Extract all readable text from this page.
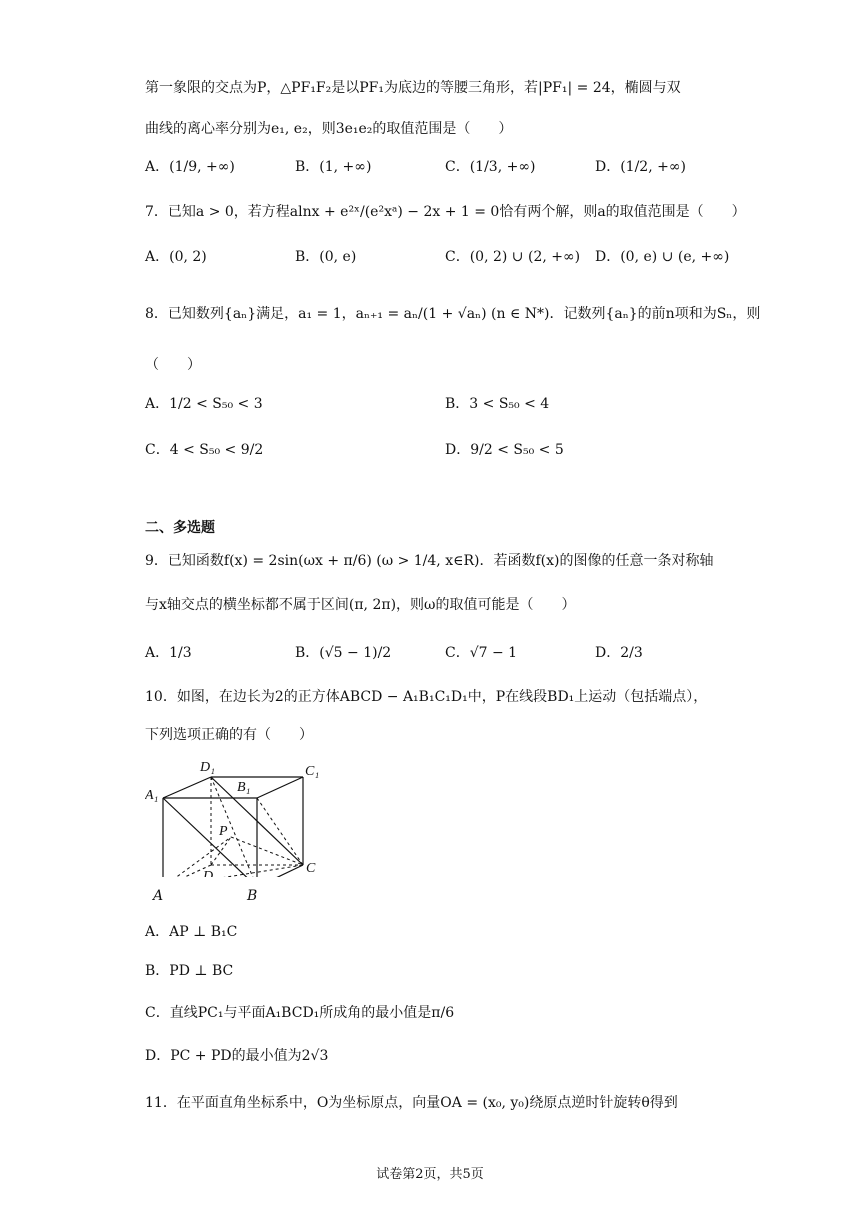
第一象限的交点为P，△PF₁F₂是以PF₁为底边的等腰三角形，若|PF₁| = 24，椭圆与双
曲线的离心率分别为e₁, e₂，则3e₁e₂的取值范围是（　　）
A．(1/9, +∞)	B．(1, +∞)	C．(1/3, +∞)	D．(1/2, +∞)
7．已知a > 0，若方程alnx + e²ˣ/(e²xᵃ) − 2x + 1 = 0恰有两个解，则a的取值范围是（　　）
A．(0, 2)	B．(0, e)	C．(0, 2) ∪ (2, +∞) D．(0, e) ∪ (e, +∞)
8．已知数列{aₙ}满足，a₁ = 1，aₙ₊₁ = aₙ/(1 + √aₙ) (n ∈ N*)．记数列{aₙ}的前n项和为Sₙ，则
（　　）
A．1/2 < S₅₀ < 3	B．3 < S₅₀ < 4
C．4 < S₅₀ < 9/2	D．9/2 < S₅₀ < 5
二、多选题
9．已知函数f(x) = 2sin(ωx + π/6) (ω > 1/4, x∈R)．若函数f(x)的图像的任意一条对称轴
与x轴交点的横坐标都不属于区间(π, 2π)，则ω的取值可能是（　　）
A．1/3	B．(√5 − 1)/2	C．√7 − 1	D．2/3
10．如图，在边长为2的正方体ABCD − A₁B₁C₁D₁中，P在线段BD₁上运动（包括端点），
下列选项正确的有（　　）
D₁
B₁
C₁
A₁
P
D
C
A	B
A．AP ⊥ B₁C
B．PD ⊥ BC
C．直线PC₁与平面A₁BCD₁所成角的最小值是π/6
D．PC + PD的最小值为2√3
11．在平面直角坐标系中，O为坐标原点，向量OA = (x₀, y₀)绕原点逆时针旋转θ得到
试卷第2页，共5页
